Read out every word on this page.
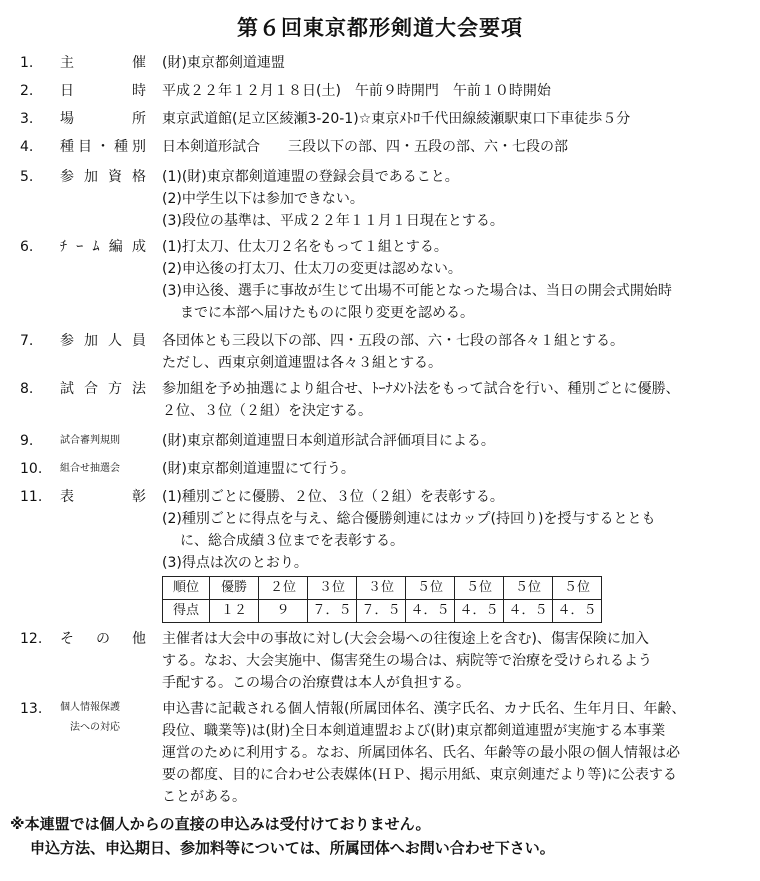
第６回東京都形剣道大会要項
1. 主　　催 (財)東京都剣道連盟
2. 日　　時 平成２２年１２月１８日(土)　午前９時開門　午前１０時開始
3. 場　　所 東京武道館(足立区綾瀬3-20-1)☆東京ﾒﾄﾛ千代田線綾瀬駅東口下車徒歩５分
4. 種目・種別 日本剣道形試合　　三段以下の部、四・五段の部、六・七段の部
5. 参加資格 (1)(財)東京都剣道連盟の登録会員であること。
(2)中学生以下は参加できない。
(3)段位の基準は、平成２２年１１月１日現在とする。
6. ﾁｰﾑ編成 (1)打太刀、仕太刀２名をもって１組とする。
(2)申込後の打太刀、仕太刀の変更は認めない。
(3)申込後、選手に事故が生じて出場不可能となった場合は、当日の開会式開始時
までに本部へ届けたものに限り変更を認める。
7. 参加人員 各団体とも三段以下の部、四・五段の部、六・七段の部各々１組とする。
ただし、西東京剣道連盟は各々３組とする。
8. 試合方法 参加組を予め抽選により組合せ、ﾄｰﾅﾒﾝﾄ法をもって試合を行い、種別ごとに優勝、
２位、３位（２組）を決定する。
9.	試合審判規則	(財)東京都剣道連盟日本剣道形試合評価項目による。
10. 組合せ抽選会	(財)東京都剣道連盟にて行う。
11. 表　　彰 (1)種別ごとに優勝、２位、３位（２組）を表彰する。
(2)種別ごとに得点を与え、総合優勝剣連にはカップ(持回り)を授与するととも
に、総合成績３位までを表彰する。
(3)得点は次のとおり。
順位	優勝	２位	３位	３位	５位	５位	５位	５位
得点	１２	９	７．５	７．５	４．５	４．５	４．５	４．５
12. そ の 他 主催者は大会中の事故に対し(大会会場への往復途上を含む)、傷害保険に加入
する。なお、大会実施中、傷害発生の場合は、病院等で治療を受けられるよう
手配する。この場合の治療費は本人が負担する。
13. 個人情報保護
法への対応
申込書に記載される個人情報(所属団体名、漢字氏名、カナ氏名、生年月日、年齢、
段位、職業等)は(財)全日本剣道連盟および(財)東京都剣道連盟が実施する本事業
運営のために利用する。なお、所属団体名、氏名、年齢等の最小限の個人情報は必
要の都度、目的に合わせ公表媒体(ＨＰ、掲示用紙、東京剣連だより等)に公表する
ことがある。
※本連盟では個人からの直接の申込みは受付けておりません。
申込方法、申込期日、参加料等については、所属団体へお問い合わせ下さい。
